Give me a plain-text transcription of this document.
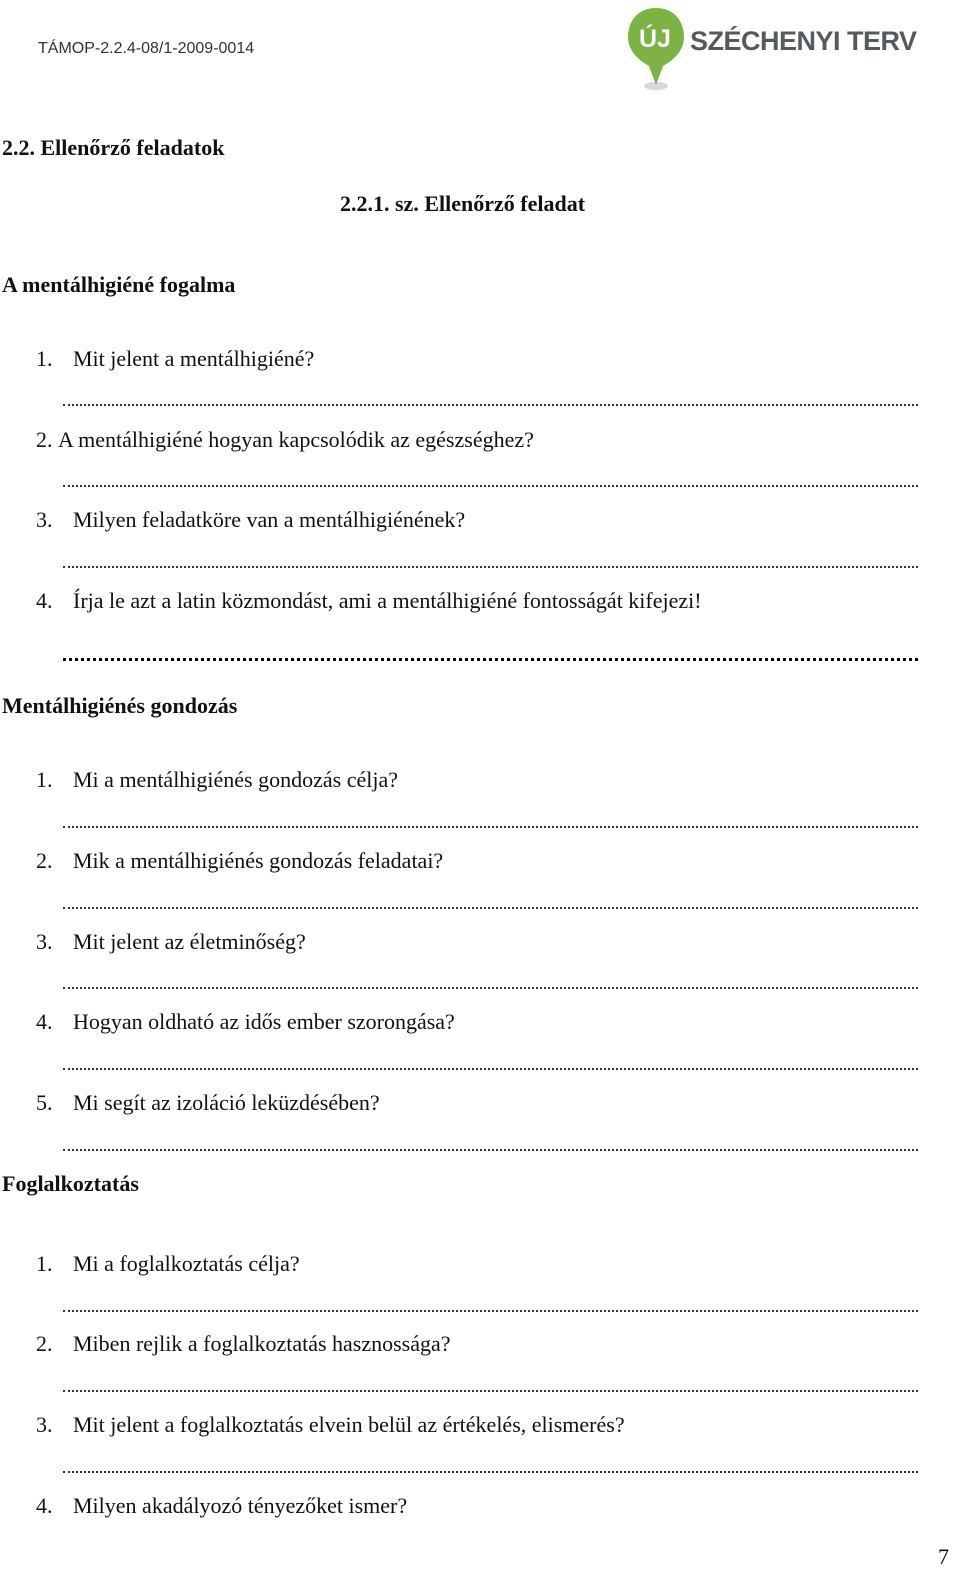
TÁMOP-2.2.4-08/1-2009-0014	ÚJ SZÉCHENYI TERV
2.2. Ellenőrző feladatok
2.2.1. sz. Ellenőrző feladat
A mentálhigiéné fogalma
1. Mit jelent a mentálhigiéné?
2. A mentálhigiéné hogyan kapcsolódik az egészséghez?
3. Milyen feladatköre van a mentálhigiénének?
4. Írja le azt a latin közmondást, ami a mentálhigiéné fontosságát kifejezi!
Mentálhigiénés gondozás
1. Mi a mentálhigiénés gondozás célja?
2. Mik a mentálhigiénés gondozás feladatai?
3. Mit jelent az életminőség?
4. Hogyan oldható az idős ember szorongása?
5. Mi segít az izoláció leküzdésében?
Foglalkoztatás
1. Mi a foglalkoztatás célja?
2. Miben rejlik a foglalkoztatás hasznossága?
3. Mit jelent a foglalkoztatás elvein belül az értékelés, elismerés?
4. Milyen akadályozó tényezőket ismer?
7
